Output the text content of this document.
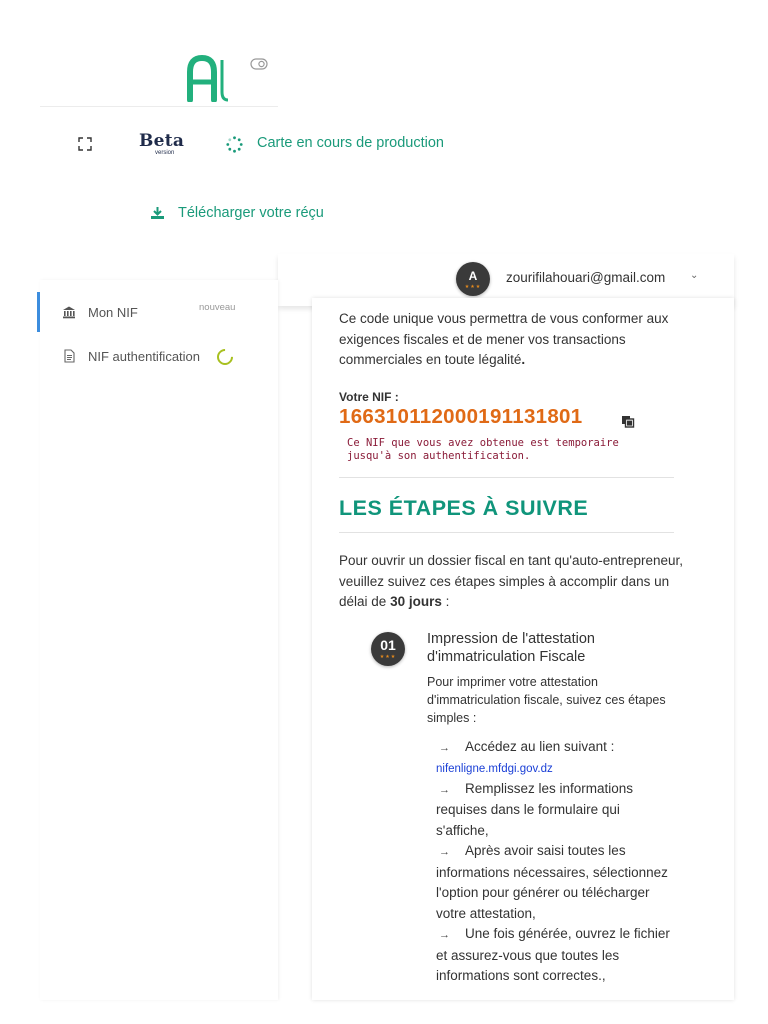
Beta
version
Carte en cours de production
Télécharger votre réçu
A
★★★
zourifilahouari@gmail.com ⌄
Mon NIF	nouveau
NIF authentification
Ce code unique vous permettra de vous conformer aux exigences fiscales et de mener vos transactions commerciales en toute légalité.
Votre NIF :
166310112000191131801
Ce NIF que vous avez obtenue est temporaire jusqu'à son authentification.
LES ÉTAPES À SUIVRE
Pour ouvrir un dossier fiscal en tant qu'auto-entrepreneur, veuillez suivez ces étapes simples à accomplir dans un délai de 30 jours :
01
★★★
Impression de l'attestation d'immatriculation Fiscale
Pour imprimer votre attestation d'immatriculation fiscale, suivez ces étapes simples :

→ Accédez au lien suivant :
nifenligne.mfdgi.gov.dz

→ Remplissez les informations requises dans le formulaire qui s'affiche,

→ Après avoir saisi toutes les informations nécessaires, sélectionnez l'option pour générer ou télécharger votre attestation,

→ Une fois générée, ouvrez le fichier et assurez-vous que toutes les informations sont correctes.,
